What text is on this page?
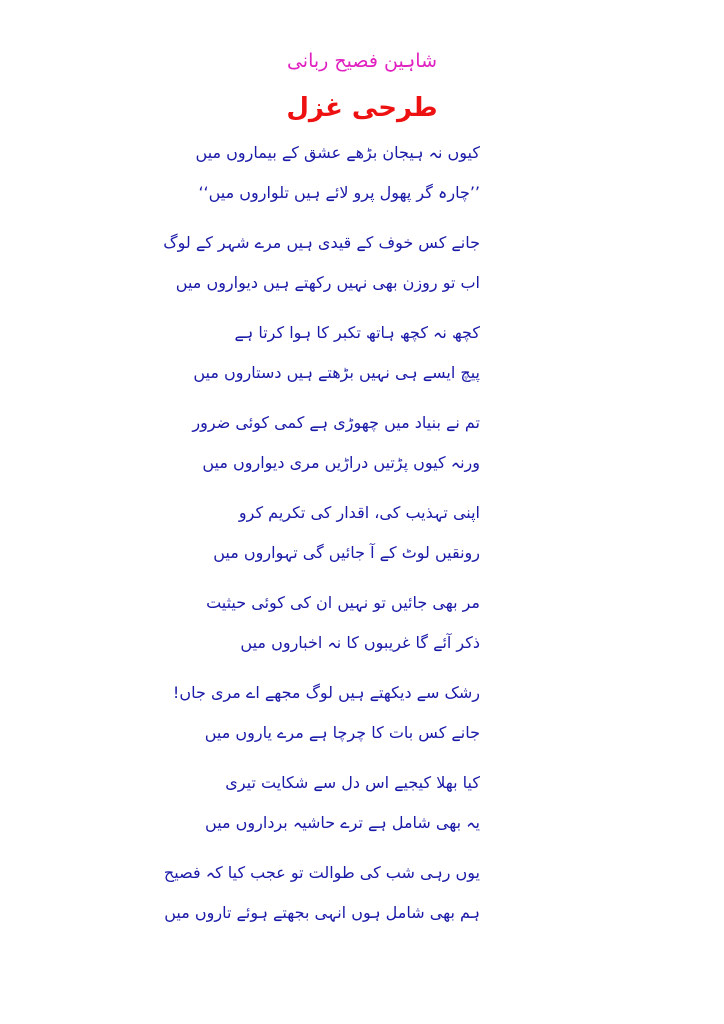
شاہین فصیح ربانی
طرحی غزل
کیوں نہ ہیجان بڑھے عشق کے بیماروں میں
’’چارہ گر پھول پرو لائے ہیں تلواروں میں‘‘
جانے کس خوف کے قیدی ہیں مرے شہر کے لوگ
اب تو روزن بھی نہیں رکھتے ہیں دیواروں میں
کچھ نہ کچھ ہاتھ تکبر کا ہوا کرتا ہے
پیچ ایسے ہی نہیں بڑھتے ہیں دستاروں میں
تم نے بنیاد میں چھوڑی ہے کمی کوئی ضرور
ورنہ کیوں پڑتیں دراڑیں مری دیواروں میں
اپنی تہذیب کی، اقدار کی تکریم کرو
رونقیں لوٹ کے آ جائیں گی تہواروں میں
مر بھی جائیں تو نہیں ان کی کوئی حیثیت
ذکر آئے گا غریبوں کا نہ اخباروں میں
رشک سے دیکھتے ہیں لوگ مجھے اے مری جاں!
جانے کس بات کا چرچا ہے مرے یاروں میں
کیا بھلا کیجیے اس دل سے شکایت تیری
یہ بھی شامل ہے ترے حاشیہ برداروں میں
یوں رہی شب کی طوالت تو عجب کیا کہ فصیح
ہم بھی شامل ہوں انہی بجھتے ہوئے تاروں میں
